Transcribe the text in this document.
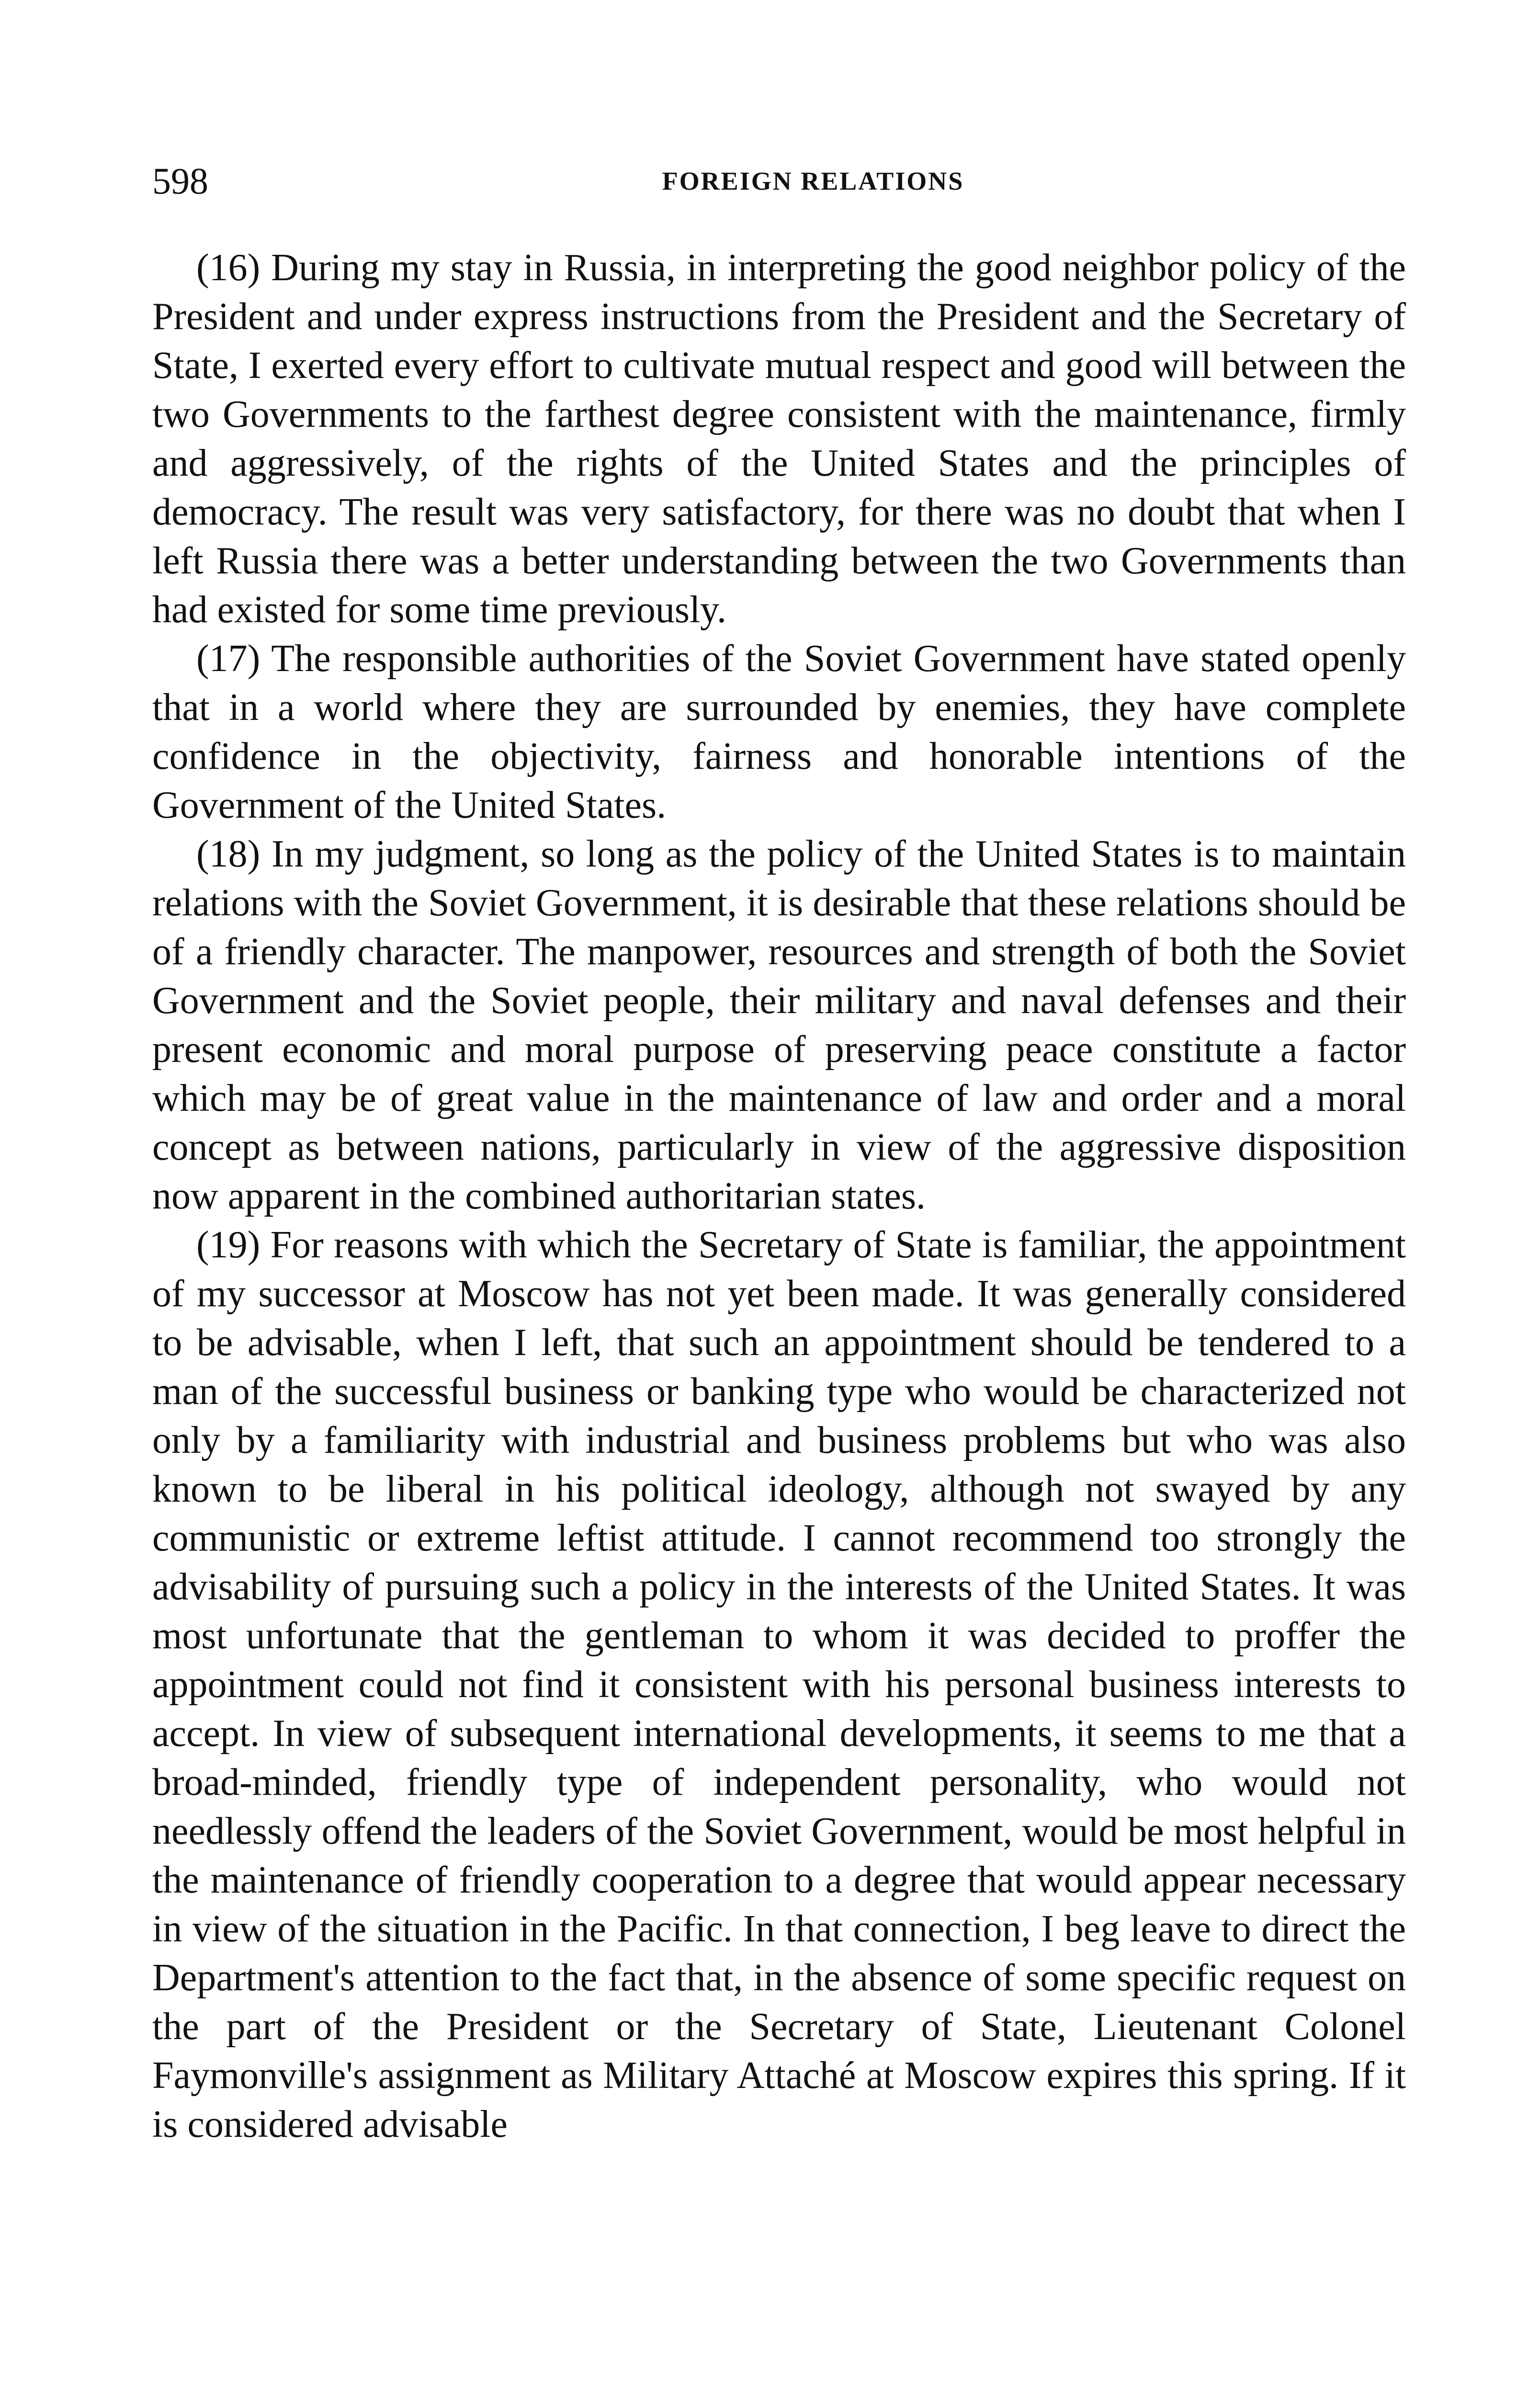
598	FOREIGN RELATIONS

(16) During my stay in Russia, in interpreting the good neighbor policy of the President and under express instructions from the President and the Secretary of State, I exerted every effort to cultivate mutual respect and good will between the two Governments to the farthest degree consistent with the maintenance, firmly and aggressively, of the rights of the United States and the principles of democracy. The result was very satisfactory, for there was no doubt that when I left Russia there was a better understanding between the two Governments than had existed for some time previously.

(17) The responsible authorities of the Soviet Government have stated openly that in a world where they are surrounded by enemies, they have complete confidence in the objectivity, fairness and honorable intentions of the Government of the United States.

(18) In my judgment, so long as the policy of the United States is to maintain relations with the Soviet Government, it is desirable that these relations should be of a friendly character. The manpower, resources and strength of both the Soviet Government and the Soviet people, their military and naval defenses and their present economic and moral purpose of preserving peace constitute a factor which may be of great value in the maintenance of law and order and a moral concept as between nations, particularly in view of the aggressive disposition now apparent in the combined authoritarian states.

(19) For reasons with which the Secretary of State is familiar, the appointment of my successor at Moscow has not yet been made. It was generally considered to be advisable, when I left, that such an appointment should be tendered to a man of the successful business or banking type who would be characterized not only by a familiarity with industrial and business problems but who was also known to be liberal in his political ideology, although not swayed by any communistic or extreme leftist attitude. I cannot recommend too strongly the advisability of pursuing such a policy in the interests of the United States. It was most unfortunate that the gentleman to whom it was decided to proffer the appointment could not find it consistent with his personal business interests to accept. In view of subsequent international developments, it seems to me that a broad-minded, friendly type of independent personality, who would not needlessly offend the leaders of the Soviet Government, would be most helpful in the maintenance of friendly cooperation to a degree that would appear necessary in view of the situation in the Pacific. In that connection, I beg leave to direct the Department's attention to the fact that, in the absence of some specific request on the part of the President or the Secretary of State, Lieutenant Colonel Faymonville's assignment as Military Attaché at Moscow expires this spring. If it is considered advisable
